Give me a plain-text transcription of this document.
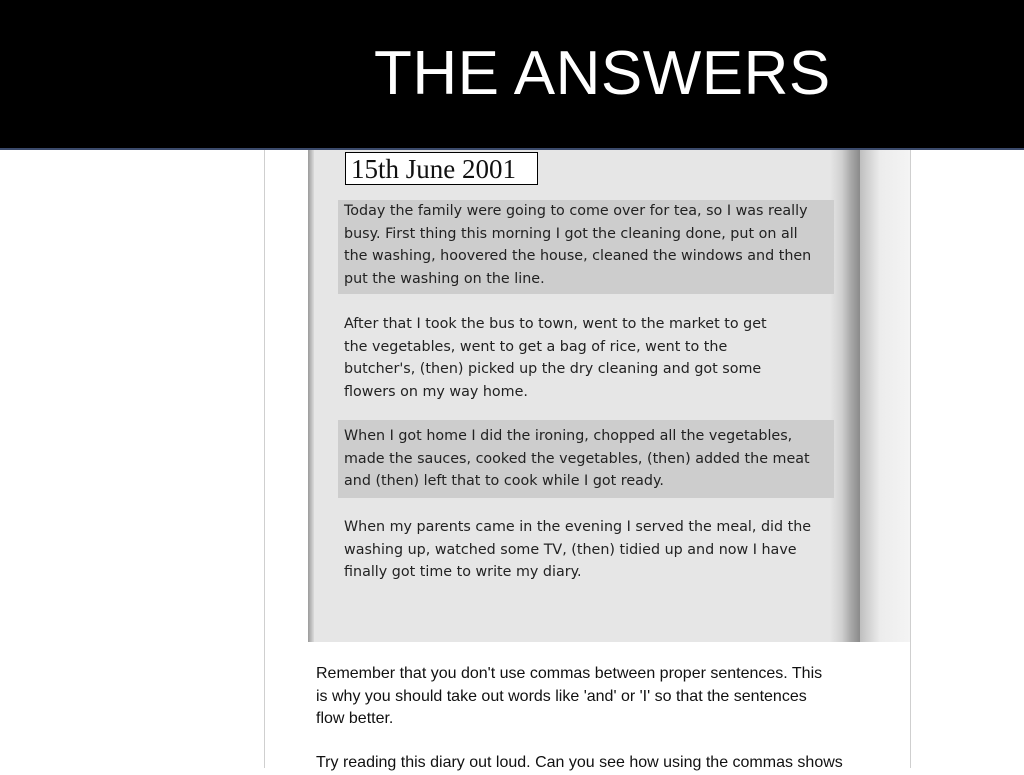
THE ANSWERS
15th June 2001
Today the family were going to come over for tea, so I was really
busy. First thing this morning I got the cleaning done, put on all
the washing, hoovered the house, cleaned the windows and then
put the washing on the line.
After that I took the bus to town, went to the market to get
the vegetables, went to get a bag of rice, went to the
butcher's, (then) picked up the dry cleaning and got some
flowers on my way home.
When I got home I did the ironing, chopped all the vegetables,
made the sauces, cooked the vegetables, (then) added the meat
and (then) left that to cook while I got ready.
When my parents came in the evening I served the meal, did the
washing up, watched some TV, (then) tidied up and now I have
finally got time to write my diary.
Remember that you don't use commas between proper sentences. This
is why you should take out words like 'and' or 'I' so that the sentences
flow better.
Try reading this diary out loud. Can you see how using the commas shows
